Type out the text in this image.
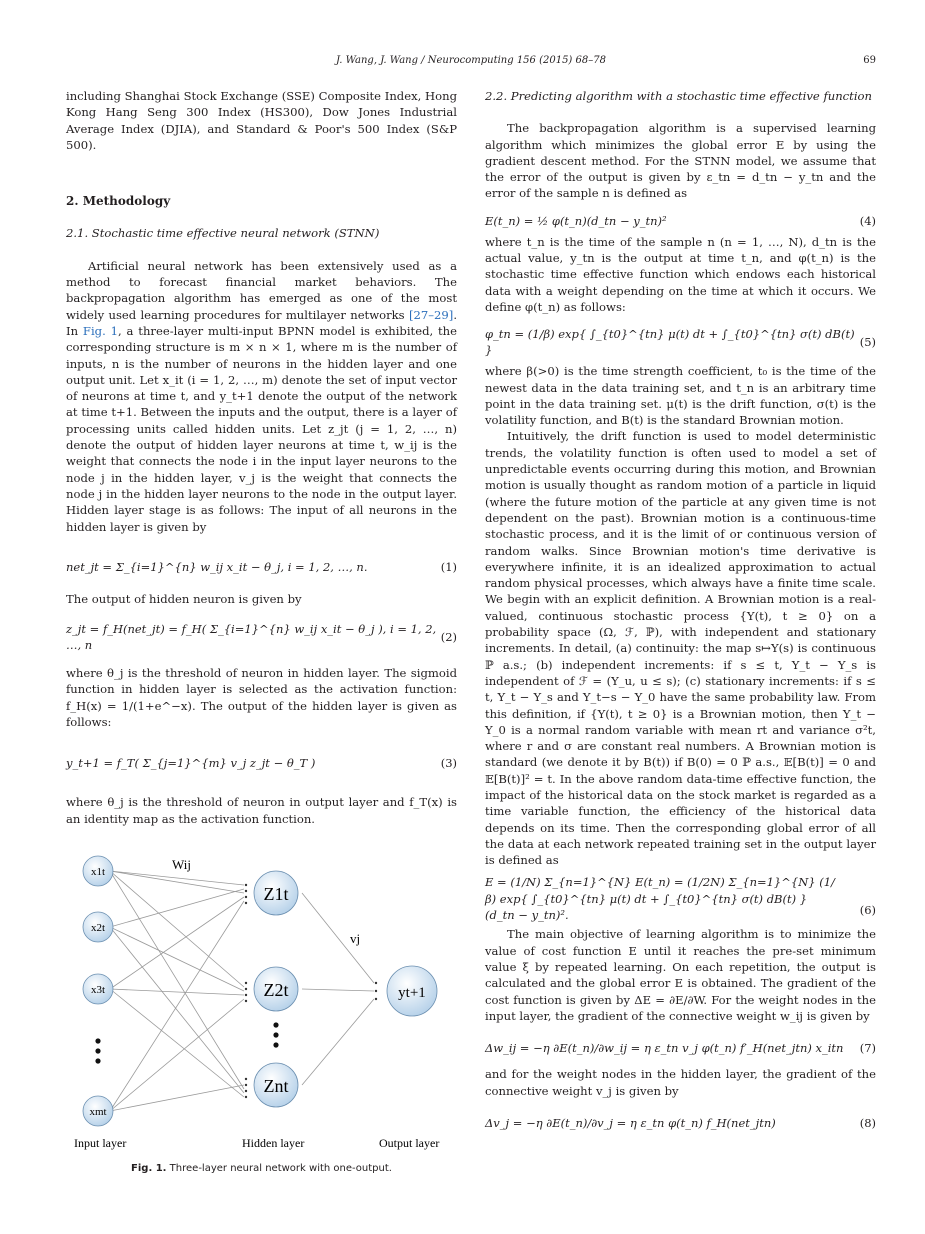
J. Wang, J. Wang / Neurocomputing 156 (2015) 68–78	69

including Shanghai Stock Exchange (SSE) Composite Index, Hong Kong Hang Seng 300 Index (HS300), Dow Jones Industrial Average Index (DJIA), and Standard & Poor's 500 Index (S&P 500).

2. Methodology

2.1. Stochastic time effective neural network (STNN)

Artificial neural network has been extensively used as a method to forecast financial market behaviors. The backpropagation algorithm has emerged as one of the most widely used learning procedures for multilayer networks [27–29]. In Fig. 1, a three-layer multi-input BPNN model is exhibited, the corresponding structure is m × n × 1, where m is the number of inputs, n is the number of neurons in the hidden layer and one output unit. Let x_it (i = 1, 2, …, m) denote the set of input vector of neurons at time t, and y_t+1 denote the output of the network at time t+1. Between the inputs and the output, there is a layer of processing units called hidden units. Let z_jt (j = 1, 2, …, n) denote the output of hidden layer neurons at time t, w_ij is the weight that connects the node i in the input layer neurons to the node j in the hidden layer, v_j is the weight that connects the node j in the hidden layer neurons to the node in the output layer. Hidden layer stage is as follows: The input of all neurons in the hidden layer is given by

net_jt = Σ_{i=1}^{n} w_ij x_it − θ_j, i = 1, 2, …, n.	(1)

The output of hidden neuron is given by

z_jt = f_H(net_jt) = f_H( Σ_{i=1}^{n} w_ij x_it − θ_j ), i = 1, 2, …, n
(2)

where θ_j is the threshold of neuron in hidden layer. The sigmoid function in hidden layer is selected as the activation function: f_H(x) = 1/(1+e^−x). The output of the hidden layer is given as follows:

y_t+1 = f_T( Σ_{j=1}^{m} v_j z_jt − θ_T )	(3)

where θ_j is the threshold of neuron in output layer and f_T(x) is an identity map as the activation function.

x1t
x2t
x3t
xmt
Z1t
Z2t
Znt
yt+1
Wij
vj
Input layer	Hidden layer	Output layer
Fig. 1. Three-layer neural network with one-output.

2.2. Predicting algorithm with a stochastic time effective function

The backpropagation algorithm is a supervised learning algorithm which minimizes the global error E by using the gradient descent method. For the STNN model, we assume that the error of the output is given by ε_tn = d_tn − y_tn and the error of the sample n is defined as

E(t_n) = ½ φ(t_n)(d_tn − y_tn)²	(4)

where t_n is the time of the sample n (n = 1, …, N), d_tn is the actual value, y_tn is the output at time t_n, and φ(t_n) is the stochastic time effective function which endows each historical data with a weight depending on the time at which it occurs. We define φ(t_n) as follows:

φ_tn = (1/β) exp{ ∫_{t0}^{tn} μ(t) dt + ∫_{t0}^{tn} σ(t) dB(t) }
(5)

where β(>0) is the time strength coefficient, t₀ is the time of the newest data in the data training set, and t_n is an arbitrary time point in the data training set. μ(t) is the drift function, σ(t) is the volatility function, and B(t) is the standard Brownian motion.

Intuitively, the drift function is used to model deterministic trends, the volatility function is often used to model a set of unpredictable events occurring during this motion, and Brownian motion is usually thought as random motion of a particle in liquid (where the future motion of the particle at any given time is not dependent on the past). Brownian motion is a continuous-time stochastic process, and it is the limit of or continuous version of random walks. Since Brownian motion's time derivative is everywhere infinite, it is an idealized approximation to actual random physical processes, which always have a finite time scale. We begin with an explicit definition. A Brownian motion is a real-valued, continuous stochastic process {Y(t), t ≥ 0} on a probability space (Ω, ℱ, ℙ), with independent and stationary increments. In detail, (a) continuity: the map s↦Y(s) is continuous ℙ a.s.; (b) independent increments: if s ≤ t, Y_t − Y_s is independent of ℱ = (Y_u, u ≤ s); (c) stationary increments: if s ≤ t, Y_t − Y_s and Y_t−s − Y_0 have the same probability law. From this definition, if {Y(t), t ≥ 0} is a Brownian motion, then Y_t − Y_0 is a normal random variable with mean rt and variance σ²t, where r and σ are constant real numbers. A Brownian motion is standard (we denote it by B(t)) if B(0) = 0 ℙ a.s., 𝔼[B(t)] = 0 and 𝔼[B(t)]² = t. In the above random data-time effective function, the impact of the historical data on the stock market is regarded as a time variable function, the efficiency of the historical data depends on its time. Then the corresponding global error of all the data at each network repeated training set in the output layer is defined as

E = (1/N) Σ_{n=1}^{N} E(t_n) = (1/2N) Σ_{n=1}^{N} (1/β) exp{ ∫_{t0}^{tn} μ(t) dt + ∫_{t0}^{tn} σ(t) dB(t) } (d_tn − y_tn)².	(6)

The main objective of learning algorithm is to minimize the value of cost function E until it reaches the pre-set minimum value ξ by repeated learning. On each repetition, the output is calculated and the global error E is obtained. The gradient of the cost function is given by ΔE = ∂E/∂W. For the weight nodes in the input layer, the gradient of the connective weight w_ij is given by

Δw_ij = −η ∂E(t_n)/∂w_ij = η ε_tn v_j φ(t_n) f′_H(net_jtn) x_itn (7)

and for the weight nodes in the hidden layer, the gradient of the connective weight v_j is given by

Δv_j = −η ∂E(t_n)/∂v_j = η ε_tn φ(t_n) f_H(net_jtn)	(8)
